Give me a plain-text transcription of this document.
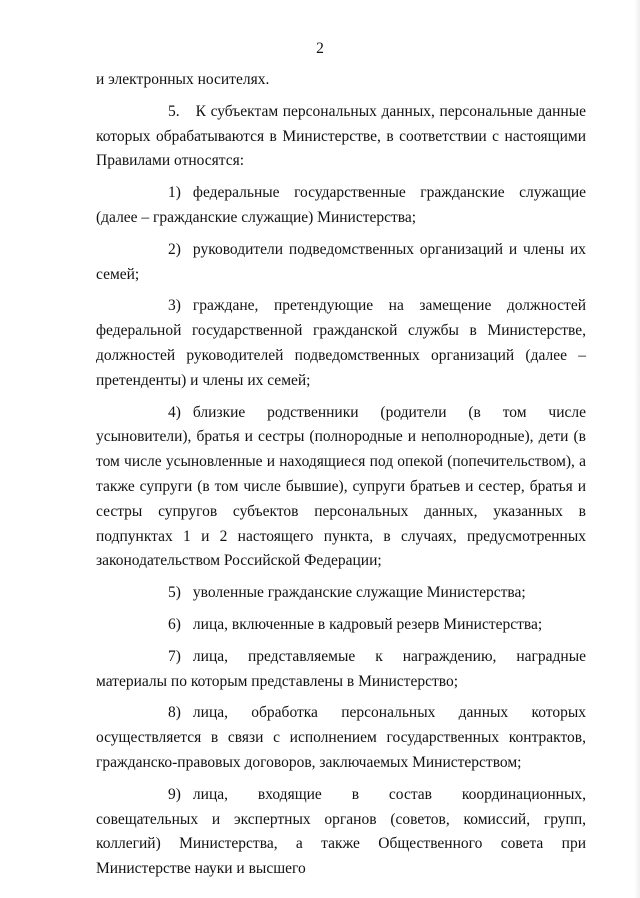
2

и электронных носителях.

5. К субъектам персональных данных, персональные данные которых обрабатываются в Министерстве, в соответствии с настоящими Правилами относятся:

1) федеральные государственные гражданские служащие (далее – гражданские служащие) Министерства;

2) руководители подведомственных организаций и члены их семей;

3) граждане, претендующие на замещение должностей федеральной государственной гражданской службы в Министерстве, должностей руководителей подведомственных организаций (далее – претенденты) и члены их семей;

4) близкие родственники (родители (в том числе усыновители), братья и сестры (полнородные и неполнородные), дети (в том числе усыновленные и находящиеся под опекой (попечительством), а также супруги (в том числе бывшие), супруги братьев и сестер, братья и сестры супругов субъектов персональных данных, указанных в подпунктах 1 и 2 настоящего пункта, в случаях, предусмотренных законодательством Российской Федерации;

5) уволенные гражданские служащие Министерства;

6) лица, включенные в кадровый резерв Министерства;

7) лица, представляемые к награждению, наградные материалы по которым представлены в Министерство;

8) лица, обработка персональных данных которых осуществляется в связи с исполнением государственных контрактов, гражданско-правовых договоров, заключаемых Министерством;

9) лица, входящие в состав координационных, совещательных и экспертных органов (советов, комиссий, групп, коллегий) Министерства, а также Общественного совета при Министерстве науки и высшего
